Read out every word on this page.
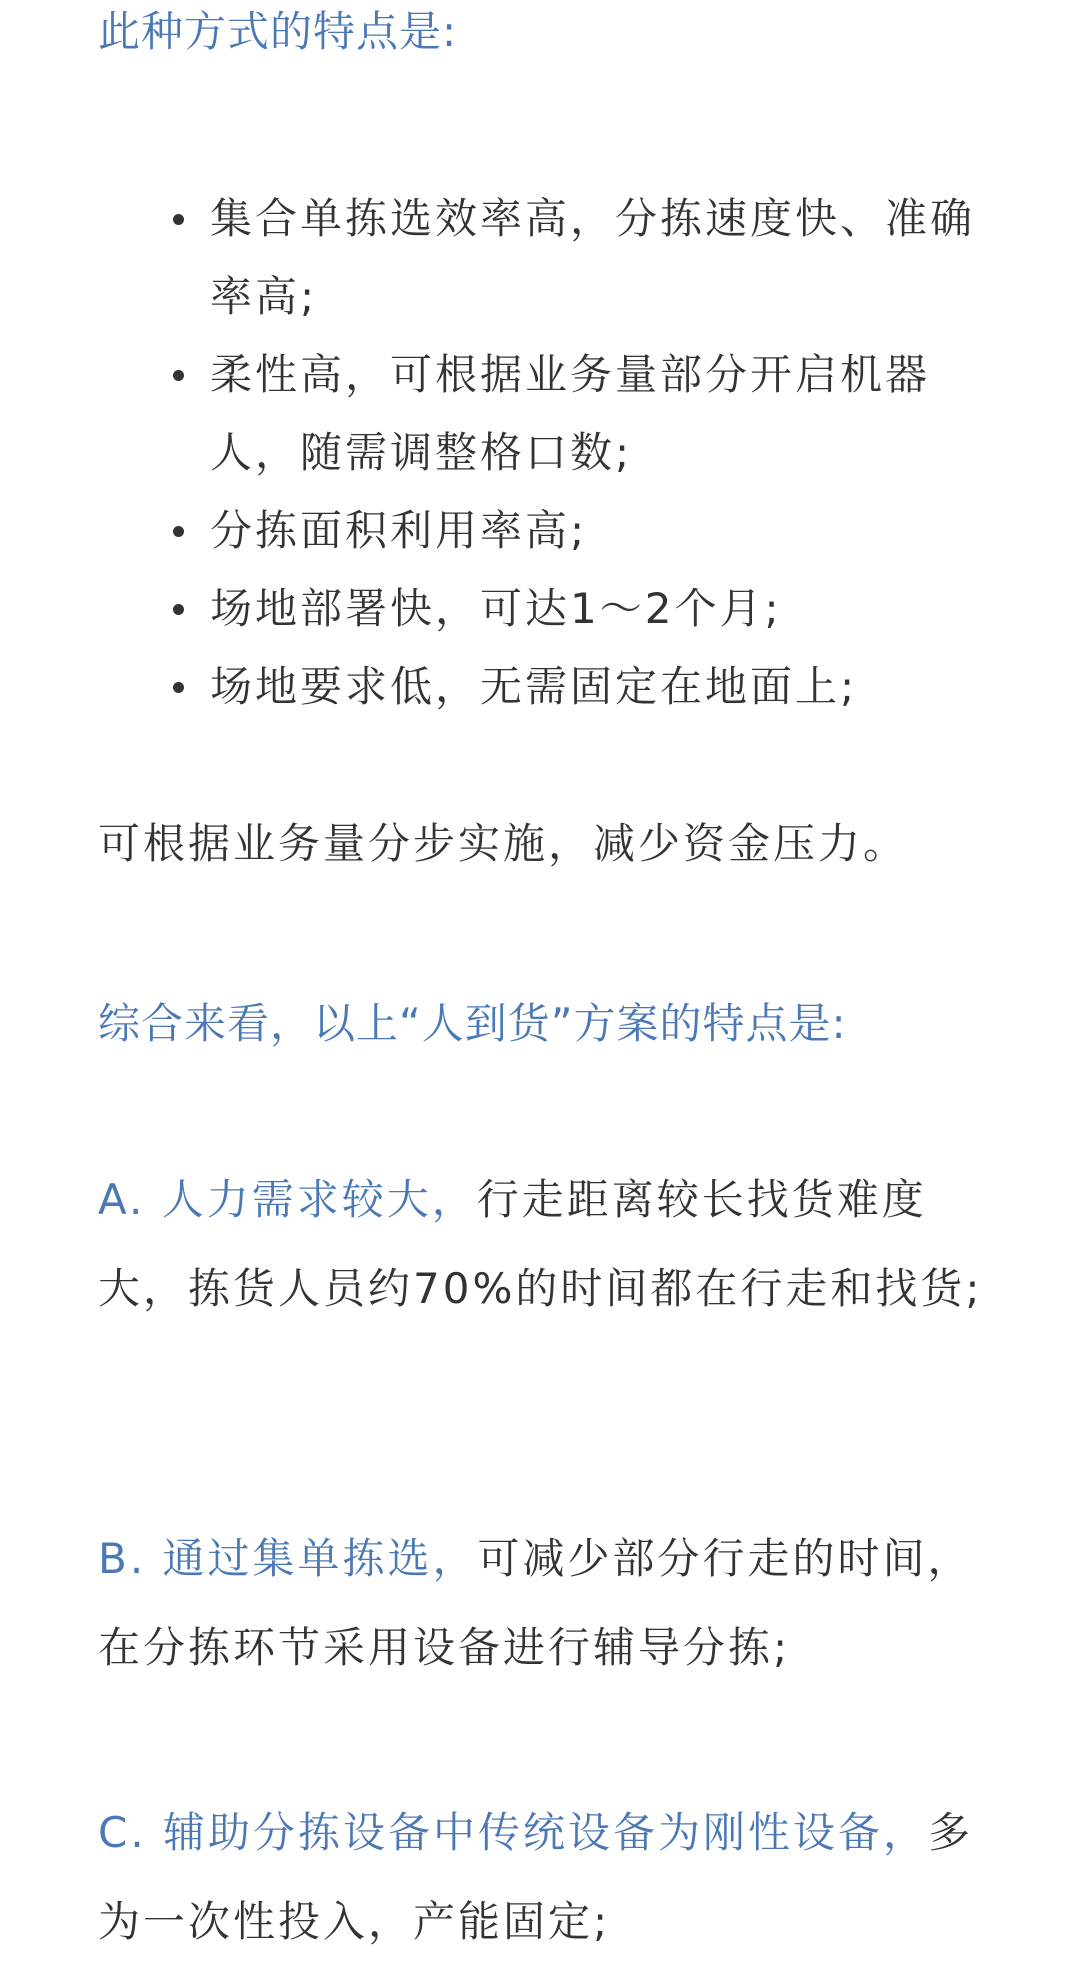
此种方式的特点是:
集合单拣选效率高，分拣速度快、准确率高;
柔性高，可根据业务量部分开启机器人，随需调整格口数;
分拣面积利用率高;
场地部署快，可达1～2个月;
场地要求低，无需固定在地面上;
可根据业务量分步实施，减少资金压力。
综合来看，以上“人到货”方案的特点是:
A. 人力需求较大，行走距离较长找货难度大，拣货人员约70%的时间都在行走和找货;
B. 通过集单拣选，可减少部分行走的时间，在分拣环节采用设备进行辅导分拣;
C. 辅助分拣设备中传统设备为刚性设备，多为一次性投入，产能固定;
